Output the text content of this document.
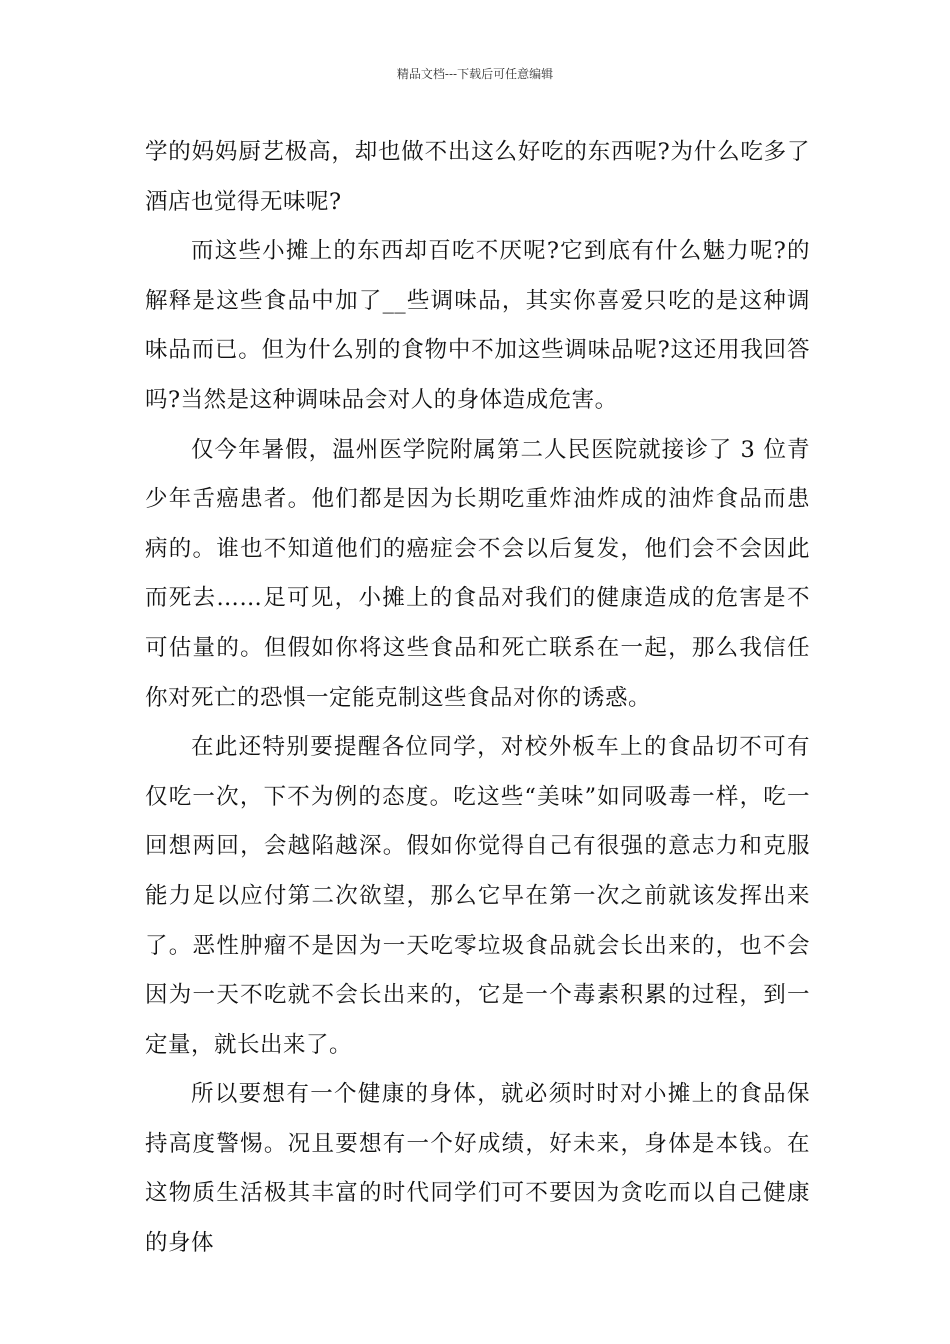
精品文档---下载后可任意编辑

学的妈妈厨艺极高，却也做不出这么好吃的东西呢?为什么吃多了酒店也觉得无味呢?

而这些小摊上的东西却百吃不厌呢?它到底有什么魅力呢?的解释是这些食品中加了__些调味品，其实你喜爱只吃的是这种调味品而已。但为什么别的食物中不加这些调味品呢?这还用我回答吗?当然是这种调味品会对人的身体造成危害。

仅今年暑假，温州医学院附属第二人民医院就接诊了 3 位青少年舌癌患者。他们都是因为长期吃重炸油炸成的油炸食品而患病的。谁也不知道他们的癌症会不会以后复发，他们会不会因此而死去……足可见，小摊上的食品对我们的健康造成的危害是不可估量的。但假如你将这些食品和死亡联系在一起，那么我信任你对死亡的恐惧一定能克制这些食品对你的诱惑。

在此还特别要提醒各位同学，对校外板车上的食品切不可有仅吃一次，下不为例的态度。吃这些“美味”如同吸毒一样，吃一回想两回，会越陷越深。假如你觉得自己有很强的意志力和克服能力足以应付第二次欲望，那么它早在第一次之前就该发挥出来了。恶性肿瘤不是因为一天吃零垃圾食品就会长出来的，也不会因为一天不吃就不会长出来的，它是一个毒素积累的过程，到一定量，就长出来了。

所以要想有一个健康的身体，就必须时时对小摊上的食品保持高度警惕。况且要想有一个好成绩，好未来，身体是本钱。在这物质生活极其丰富的时代同学们可不要因为贪吃而以自己健康的身体
